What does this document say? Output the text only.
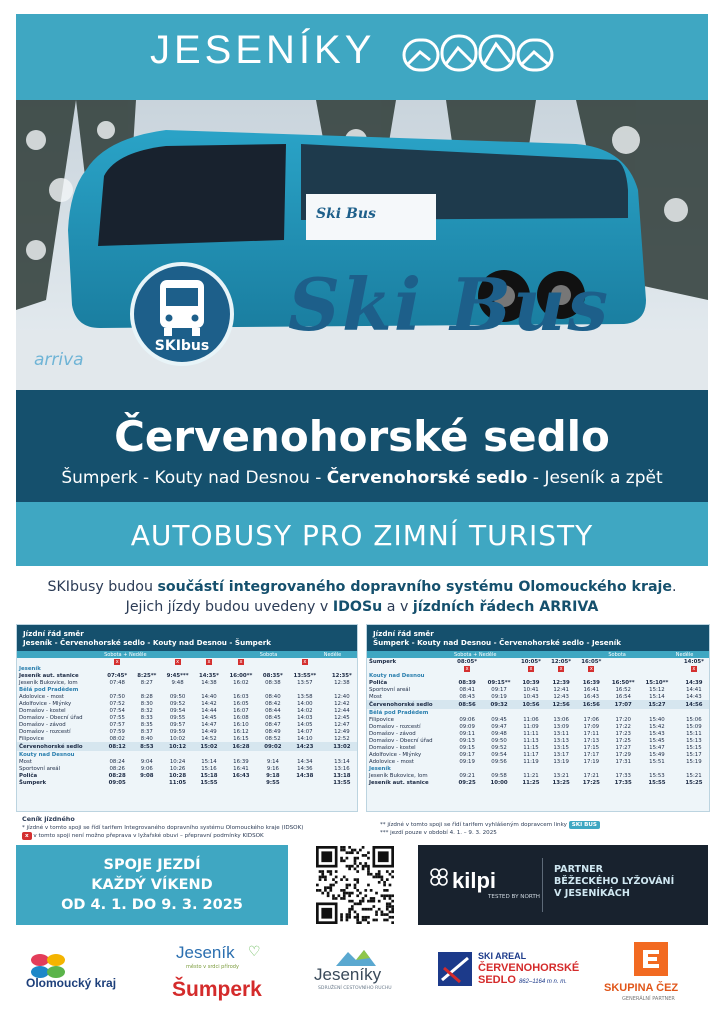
JESENÍKY
Ski Bus
SKIbus
arriva
Ski Bus
Červenohorské sedlo
Šumperk - Kouty nad Desnou - Červenohorské sedlo - Jeseník a zpět
AUTOBUSY PRO ZIMNÍ TURISTY
SKIbusy budou součástí integrovaného dopravního systému Olomouckého kraje. Jejich jízdy budou uvedeny v IDOSu a v jízdních řádech ARRIVA
Jízdní řád směr
Jeseník - Červenohorské sedlo - Kouty nad Desnou - Šumperk
	Sobota + Neděle					Sobota		Neděle	
	x		x	x	x		x		
Jeseník									
Jeseník aut. stanice	07:45*	8:25**	9:45***	14:35*	16:00**	08:35*	13:55**		12:35*
Jeseník Bukovice, lom	07:48	8:27	9:48	14:38	16:02	08:38	13:57		12:38
Bělá pod Pradědem									
Adolovice - most	07:50	8:28	09:50	14:40	16:03	08:40	13:58		12:40
Adolfovice - Mlýnky	07:52	8:30	09:52	14:42	16:05	08:42	14:00		12:42
Domašov - kostel	07:54	8:32	09:54	14:44	16:07	08:44	14:02		12:44
Domašov - Obecní úřad	07:55	8:33	09:55	14:45	16:08	08:45	14:03		12:45
Domašov - závod	07:57	8:35	09:57	14:47	16:10	08:47	14:05		12:47
Domašov - rozcestí	07:59	8:37	09:59	14:49	16:12	08:49	14:07		12:49
Filipovice	08:02	8:40	10:02	14:52	16:15	08:52	14:10		12:52
Červenohorské sedlo	08:12	8:53	10:12	15:02	16:28	09:02	14:23		13:02
Kouty nad Desnou									
Most	08:24	9:04	10:24	15:14	16:39	9:14	14:34		13:14
Sportovní areál	08:26	9:06	10:26	15:16	16:41	9:16	14:36		13:16
Poliča	08:28	9:08	10:28	15:18	16:43	9:18	14:38		13:18
Šumperk	09:05		11:05	15:55		9:55			13:55
Jízdní řád směr
Šumperk - Kouty nad Desnou - Červenohorské sedlo - Jeseník
	Sobota + Neděle					Sobota		Neděle	
Šumperk	08:05*		10:05*	12:05*	16:05*				14:05*
	x		x	x	x				x
Kouty nad Desnou									
Poliča	08:39	09:15**	10:39	12:39	16:39	16:50**	15:10**		14:39
Sportovní areál	08:41	09:17	10:41	12:41	16:41	16:52	15:12		14:41
Most	08:43	09:19	10:43	12:43	16:43	16:54	15:14		14:43
Červenohorské sedlo	08:56	09:32	10:56	12:56	16:56	17:07	15:27		14:56
Bělá pod Pradědem									
Filipovice	09:06	09:45	11:06	13:06	17:06	17:20	15:40		15:06
Domašov - rozcestí	09:09	09:47	11:09	13:09	17:09	17:22	15:42		15:09
Domašov - závod	09:11	09:48	11:11	13:11	17:11	17:23	15:43		15:11
Domašov - Obecní úřad	09:13	09:50	11:13	13:13	17:13	17:25	15:45		15:13
Domašov - kostel	09:15	09:52	11:15	13:15	17:15	17:27	15:47		15:15
Adolfovice - Mlýnky	09:17	09:54	11:17	13:17	17:17	17:29	15:49		15:17
Adolovice - most	09:19	09:56	11:19	13:19	17:19	17:31	15:51		15:19
Jeseník									
Jeseník Bukovice, lom	09:21	09:58	11:21	13:21	17:21	17:33	15:53		15:21
Jeseník aut. stanice	09:25	10:00	11:25	13:25	17:25	17:35	15:55		15:25
Ceník jízdného
* jízdné v tomto spoji se řídí tarifem Integrovaného dopravního systému Olomouckého kraje (IDSOK)
x v tomto spoji není možno přeprava v lyžařské obuvi – přepravní podmínky KIDSOK
** jízdné v tomto spoji se řídí tarifem vyhlášeným dopravcem linky SKI BUS
*** jezdí pouze v období 4. 1. – 9. 3. 2025
SPOJE JEZDÍ
KAŽDÝ VÍKEND
OD 4. 1. DO 9. 3. 2025
kilpi
TESTED BY NORTH
PARTNER
BĚŽECKÉHO LYŽOVÁNÍ
V JESENÍKÁCH
Olomoucký kraj
Jeseník
město v srdci přírody
♡
Šumperk
Jeseníky
SDRUŽENÍ CESTOVNÍHO RUCHU
SKI AREAL
ČERVENOHORSKÉ
SEDLO 862–1164 m n. m.	SKUPINA ČEZ
GENERÁLNÍ PARTNER
